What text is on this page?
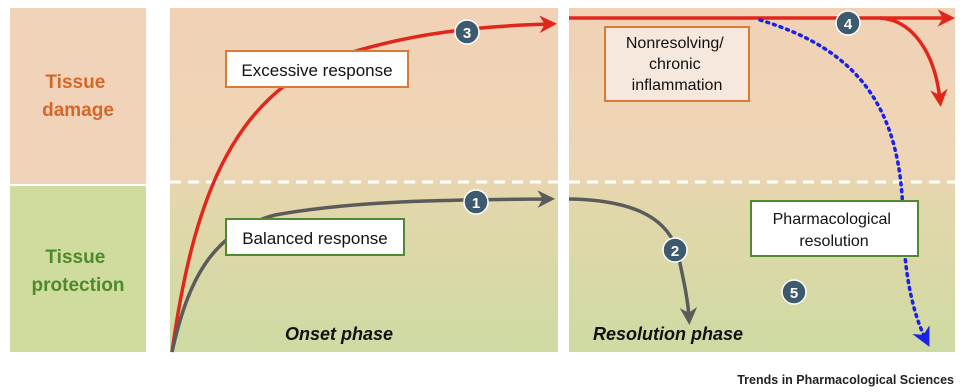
Tissue damage
Tissue protection
Excessive response
Balanced response
Nonresolving/ chronic inflammation
Pharmacological resolution
1
2
3
4
5
Onset phase	Resolution phase
Trends in Pharmacological Sciences
